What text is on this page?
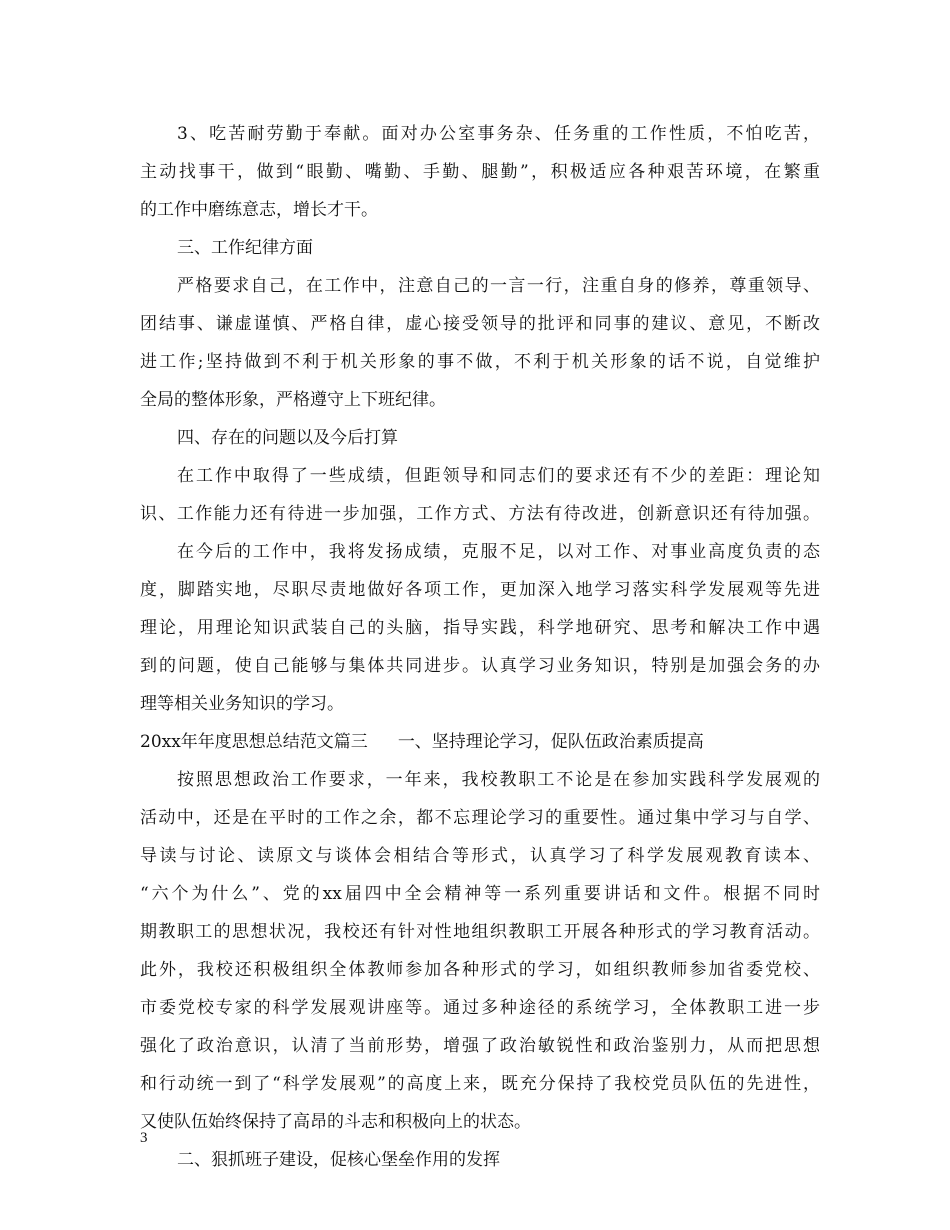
3、吃苦耐劳勤于奉献。面对办公室事务杂、任务重的工作性质，不怕吃苦，
主动找事干，做到“眼勤、嘴勤、手勤、腿勤”，积极适应各种艰苦环境，在繁重
的工作中磨练意志，增长才干。
三、工作纪律方面
严格要求自己，在工作中，注意自己的一言一行，注重自身的修养，尊重领导、
团结事、谦虚谨慎、严格自律，虚心接受领导的批评和同事的建议、意见，不断改
进工作;坚持做到不利于机关形象的事不做，不利于机关形象的话不说，自觉维护
全局的整体形象，严格遵守上下班纪律。
四、存在的问题以及今后打算
在工作中取得了一些成绩，但距领导和同志们的要求还有不少的差距：理论知
识、工作能力还有待进一步加强，工作方式、方法有待改进，创新意识还有待加强。
在今后的工作中，我将发扬成绩，克服不足，以对工作、对事业高度负责的态
度，脚踏实地，尽职尽责地做好各项工作，更加深入地学习落实科学发展观等先进
理论，用理论知识武装自己的头脑，指导实践，科学地研究、思考和解决工作中遇
到的问题，使自己能够与集体共同进步。认真学习业务知识，特别是加强会务的办
理等相关业务知识的学习。
20xx年年度思想总结范文篇三 一、坚持理论学习，促队伍政治素质提高
按照思想政治工作要求，一年来，我校教职工不论是在参加实践科学发展观的
活动中，还是在平时的工作之余，都不忘理论学习的重要性。通过集中学习与自学、
导读与讨论、读原文与谈体会相结合等形式，认真学习了科学发展观教育读本、
“六个为什么”、党的xx届四中全会精神等一系列重要讲话和文件。根据不同时
期教职工的思想状况，我校还有针对性地组织教职工开展各种形式的学习教育活动。
此外，我校还积极组织全体教师参加各种形式的学习，如组织教师参加省委党校、
市委党校专家的科学发展观讲座等。通过多种途径的系统学习，全体教职工进一步
强化了政治意识，认清了当前形势，增强了政治敏锐性和政治鉴别力，从而把思想
和行动统一到了“科学发展观”的高度上来，既充分保持了我校党员队伍的先进性，
又使队伍始终保持了高昂的斗志和积极向上的状态。
二、狠抓班子建设，促核心堡垒作用的发挥
3
